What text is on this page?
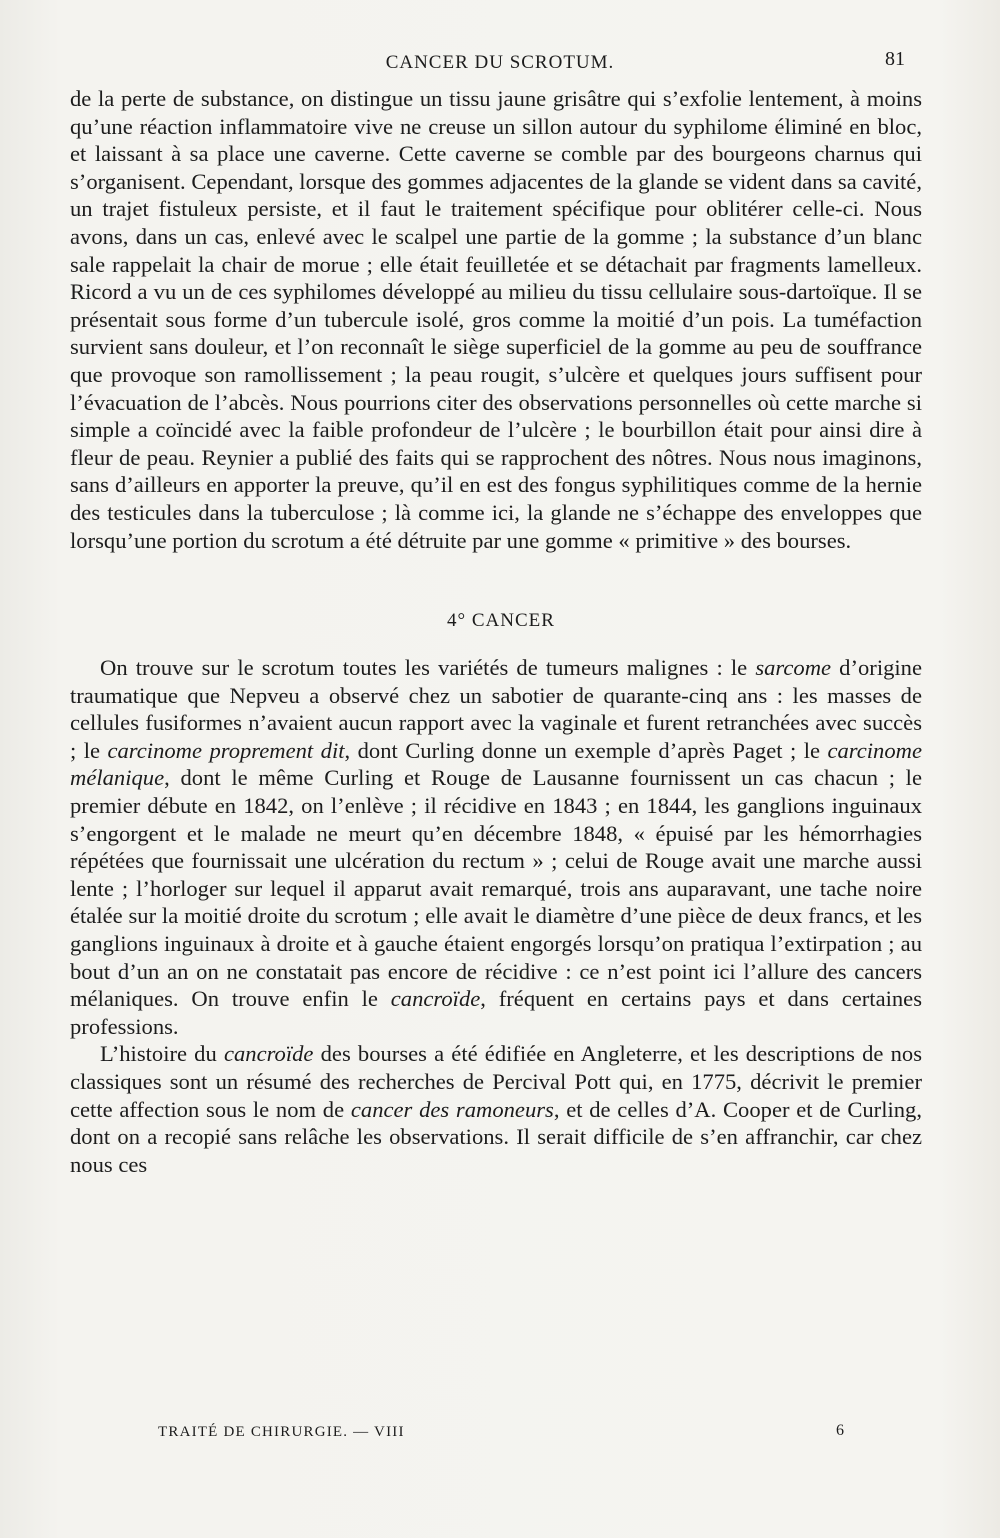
CANCER DU SCROTUM.	81

de la perte de substance, on distingue un tissu jaune grisâtre qui s’exfolie lentement, à moins qu’une réaction inflammatoire vive ne creuse un sillon autour du syphilome éliminé en bloc, et laissant à sa place une caverne. Cette caverne se comble par des bourgeons charnus qui s’organisent. Cependant, lorsque des gommes adjacentes de la glande se vident dans sa cavité, un trajet fistuleux persiste, et il faut le traitement spécifique pour oblitérer celle-ci. Nous avons, dans un cas, enlevé avec le scalpel une partie de la gomme ; la substance d’un blanc sale rappelait la chair de morue ; elle était feuilletée et se détachait par fragments lamelleux. Ricord a vu un de ces syphilomes développé au milieu du tissu cellulaire sous-dartoïque. Il se présentait sous forme d’un tubercule isolé, gros comme la moitié d’un pois. La tuméfaction survient sans douleur, et l’on reconnaît le siège superficiel de la gomme au peu de souffrance que provoque son ramollissement ; la peau rougit, s’ulcère et quelques jours suffisent pour l’évacuation de l’abcès. Nous pourrions citer des observations personnelles où cette marche si simple a coïncidé avec la faible profondeur de l’ulcère ; le bourbillon était pour ainsi dire à fleur de peau. Reynier a publié des faits qui se rapprochent des nôtres. Nous nous imaginons, sans d’ailleurs en apporter la preuve, qu’il en est des fongus syphilitiques comme de la hernie des testicules dans la tuberculose ; là comme ici, la glande ne s’échappe des enveloppes que lorsqu’une portion du scrotum a été détruite par une gomme « primitive » des bourses.

4° CANCER

On trouve sur le scrotum toutes les variétés de tumeurs malignes : le sarcome d’origine traumatique que Nepveu a observé chez un sabotier de quarante-cinq ans : les masses de cellules fusiformes n’avaient aucun rapport avec la vaginale et furent retranchées avec succès ; le carcinome proprement dit, dont Curling donne un exemple d’après Paget ; le carcinome mélanique, dont le même Curling et Rouge de Lausanne fournissent un cas chacun ; le premier débute en 1842, on l’enlève ; il récidive en 1843 ; en 1844, les ganglions inguinaux s’engorgent et le malade ne meurt qu’en décembre 1848, « épuisé par les hémorrhagies répétées que fournissait une ulcération du rectum » ; celui de Rouge avait une marche aussi lente ; l’horloger sur lequel il apparut avait remarqué, trois ans auparavant, une tache noire étalée sur la moitié droite du scrotum ; elle avait le diamètre d’une pièce de deux francs, et les ganglions inguinaux à droite et à gauche étaient engorgés lorsqu’on pratiqua l’extirpation ; au bout d’un an on ne constatait pas encore de récidive : ce n’est point ici l’allure des cancers mélaniques. On trouve enfin le cancroïde, fréquent en certains pays et dans certaines professions.

L’histoire du cancroïde des bourses a été édifiée en Angleterre, et les descriptions de nos classiques sont un résumé des recherches de Percival Pott qui, en 1775, décrivit le premier cette affection sous le nom de cancer des ramoneurs, et de celles d’A. Cooper et de Curling, dont on a recopié sans relâche les observations. Il serait difficile de s’en affranchir, car chez nous ces

TRAITÉ DE CHIRURGIE. — VIII	6
